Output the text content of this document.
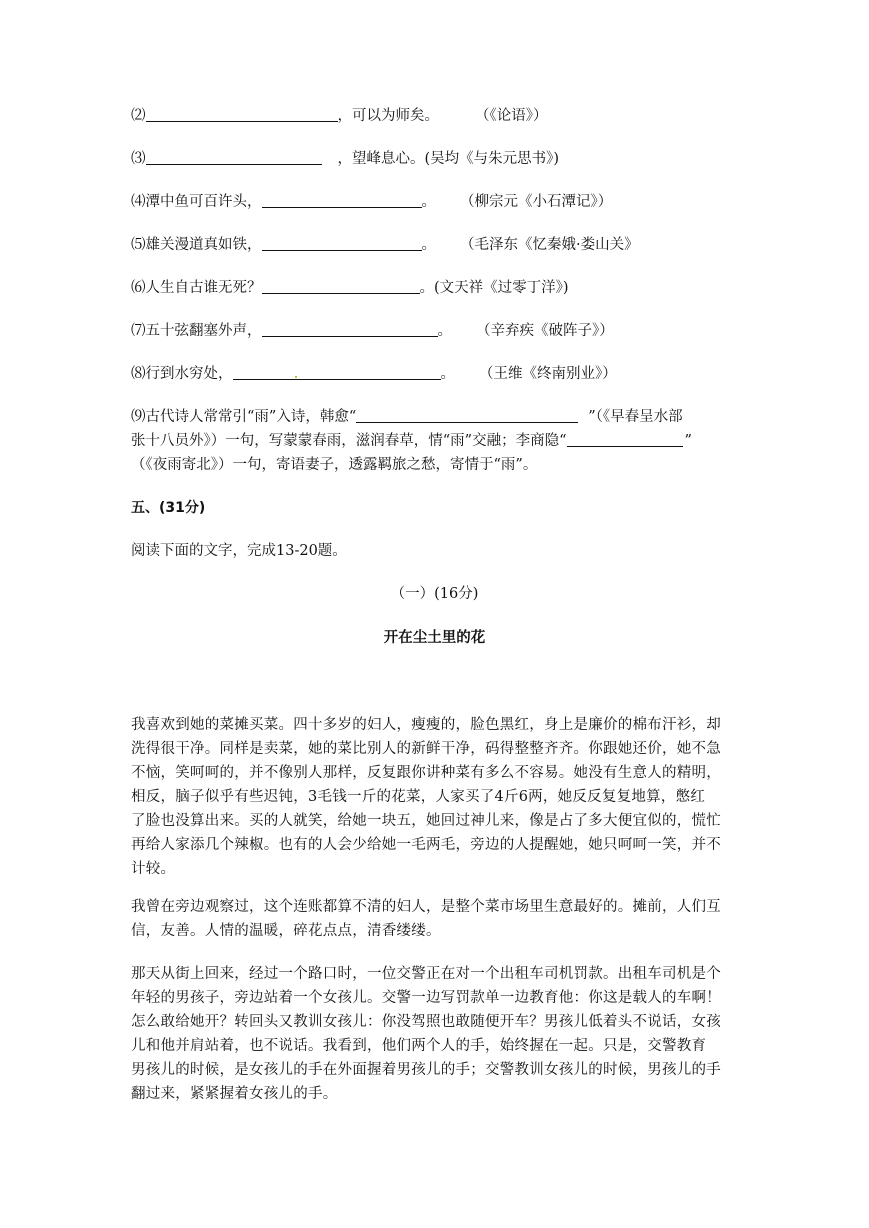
⑵	，可以为师矣。 （《论语》）
⑶	，望峰息心。(吴均《与朱元思书》)
⑷潭中鱼可百许头，	。 （柳宗元《小石潭记》）
⑸雄关漫道真如铁，	。 （毛泽东《忆秦娥·娄山关》
⑹人生自古谁无死？	。(文天祥《过零丁洋》)
⑺五十弦翻塞外声，	。 （辛弃疾《破阵子》）
⑻行到水穷处，	。 （王维《终南别业》）
⑼古代诗人常常引“雨”入诗，韩愈“	”（《早春呈水部
张十八员外》）一句，写蒙蒙春雨，滋润春草，情“雨”交融；李商隐“	”
（《夜雨寄北》）一句，寄语妻子，透露羁旅之愁，寄情于“雨”。
五、(31分)
阅读下面的文字，完成13-20题。
（一）(16分)
开在尘土里的花
我喜欢到她的菜摊买菜。四十多岁的妇人，瘦瘦的，脸色黑红，身上是廉价的棉布汗衫，却
洗得很干净。同样是卖菜，她的菜比别人的新鲜干净，码得整整齐齐。你跟她还价，她不急
不恼，笑呵呵的，并不像别人那样，反复跟你讲种菜有多么不容易。她没有生意人的精明，
相反，脑子似乎有些迟钝，3毛钱一斤的花菜，人家买了4斤6两，她反反复复地算，憋红
了脸也没算出来。买的人就笑，给她一块五，她回过神儿来，像是占了多大便宜似的，慌忙
再给人家添几个辣椒。也有的人会少给她一毛两毛，旁边的人提醒她，她只呵呵一笑，并不
计较。
我曾在旁边观察过，这个连账都算不清的妇人，是整个菜市场里生意最好的。摊前，人们互
信，友善。人情的温暖，碎花点点，清香缕缕。
那天从街上回来，经过一个路口时，一位交警正在对一个出租车司机罚款。出租车司机是个
年轻的男孩子，旁边站着一个女孩儿。交警一边写罚款单一边教育他：你这是载人的车啊！
怎么敢给她开？转回头又教训女孩儿：你没驾照也敢随便开车？男孩儿低着头不说话，女孩
儿和他并肩站着，也不说话。我看到，他们两个人的手，始终握在一起。只是，交警教育
男孩儿的时候，是女孩儿的手在外面握着男孩儿的手；交警教训女孩儿的时候，男孩儿的手
翻过来，紧紧握着女孩儿的手。
